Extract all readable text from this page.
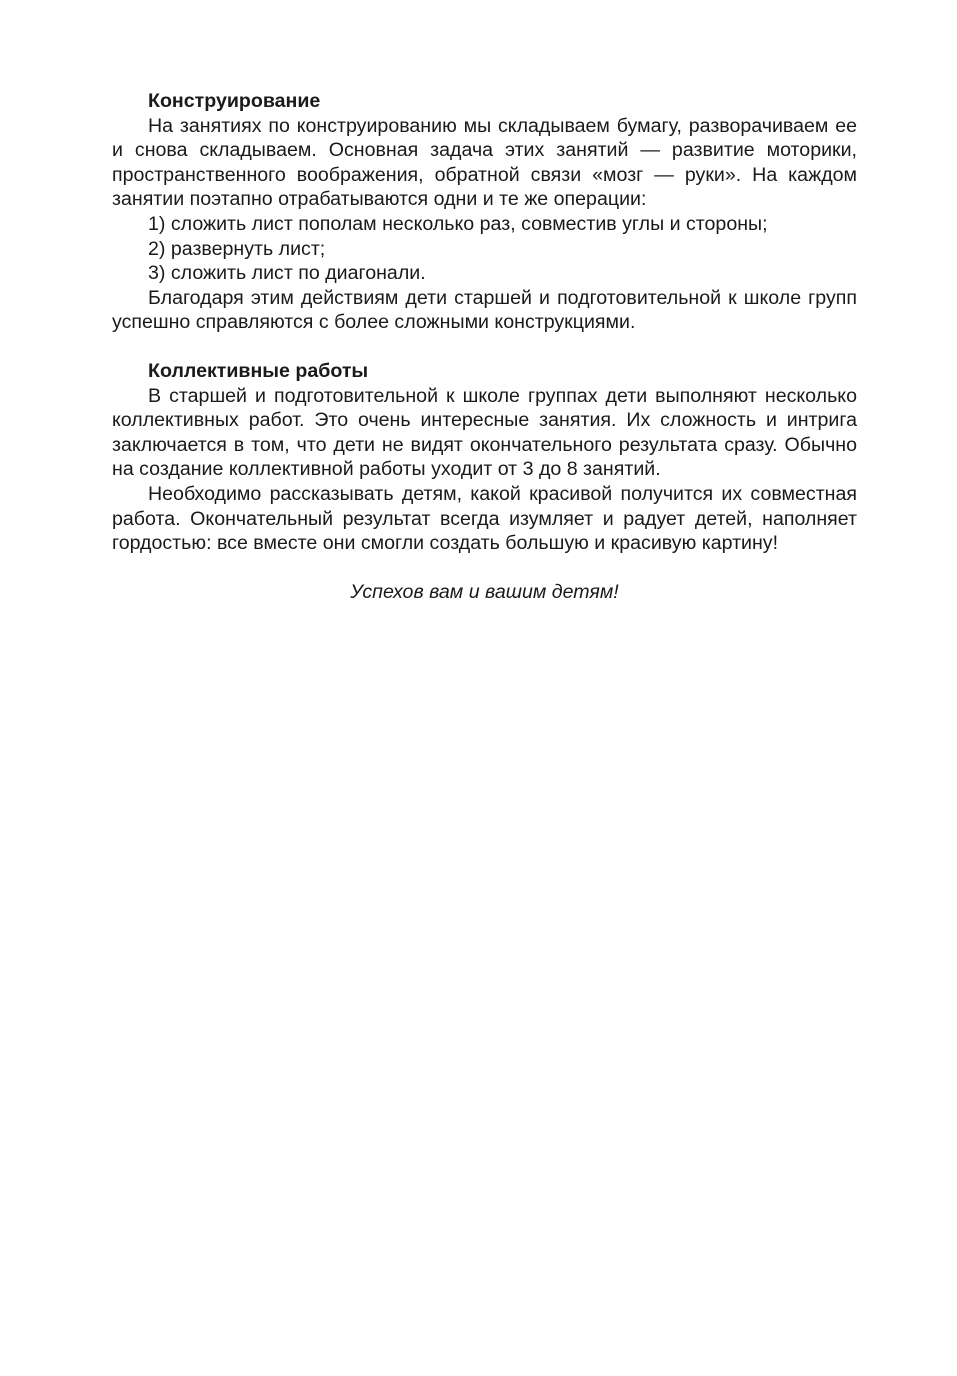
Конструирование

На занятиях по конструированию мы складываем бумагу, разворачиваем ее и снова складываем. Основная задача этих занятий — развитие моторики, пространственного воображения, обратной связи «мозг — руки». На каждом занятии поэтапно отрабатываются одни и те же операции:

1) сложить лист пополам несколько раз, совместив углы и стороны;

2) развернуть лист;

3) сложить лист по диагонали.

Благодаря этим действиям дети старшей и подготовительной к школе групп успешно справляются с более сложными конструкциями.

Коллективные работы

В старшей и подготовительной к школе группах дети выполняют несколько коллективных работ. Это очень интересные занятия. Их сложность и интрига заключается в том, что дети не видят окончательного результата сразу. Обычно на создание коллективной работы уходит от 3 до 8 занятий.

Необходимо рассказывать детям, какой красивой получится их совместная работа. Окончательный результат всегда изумляет и радует детей, наполняет гордостью: все вместе они смогли создать большую и красивую картину!

Успехов вам и вашим детям!
